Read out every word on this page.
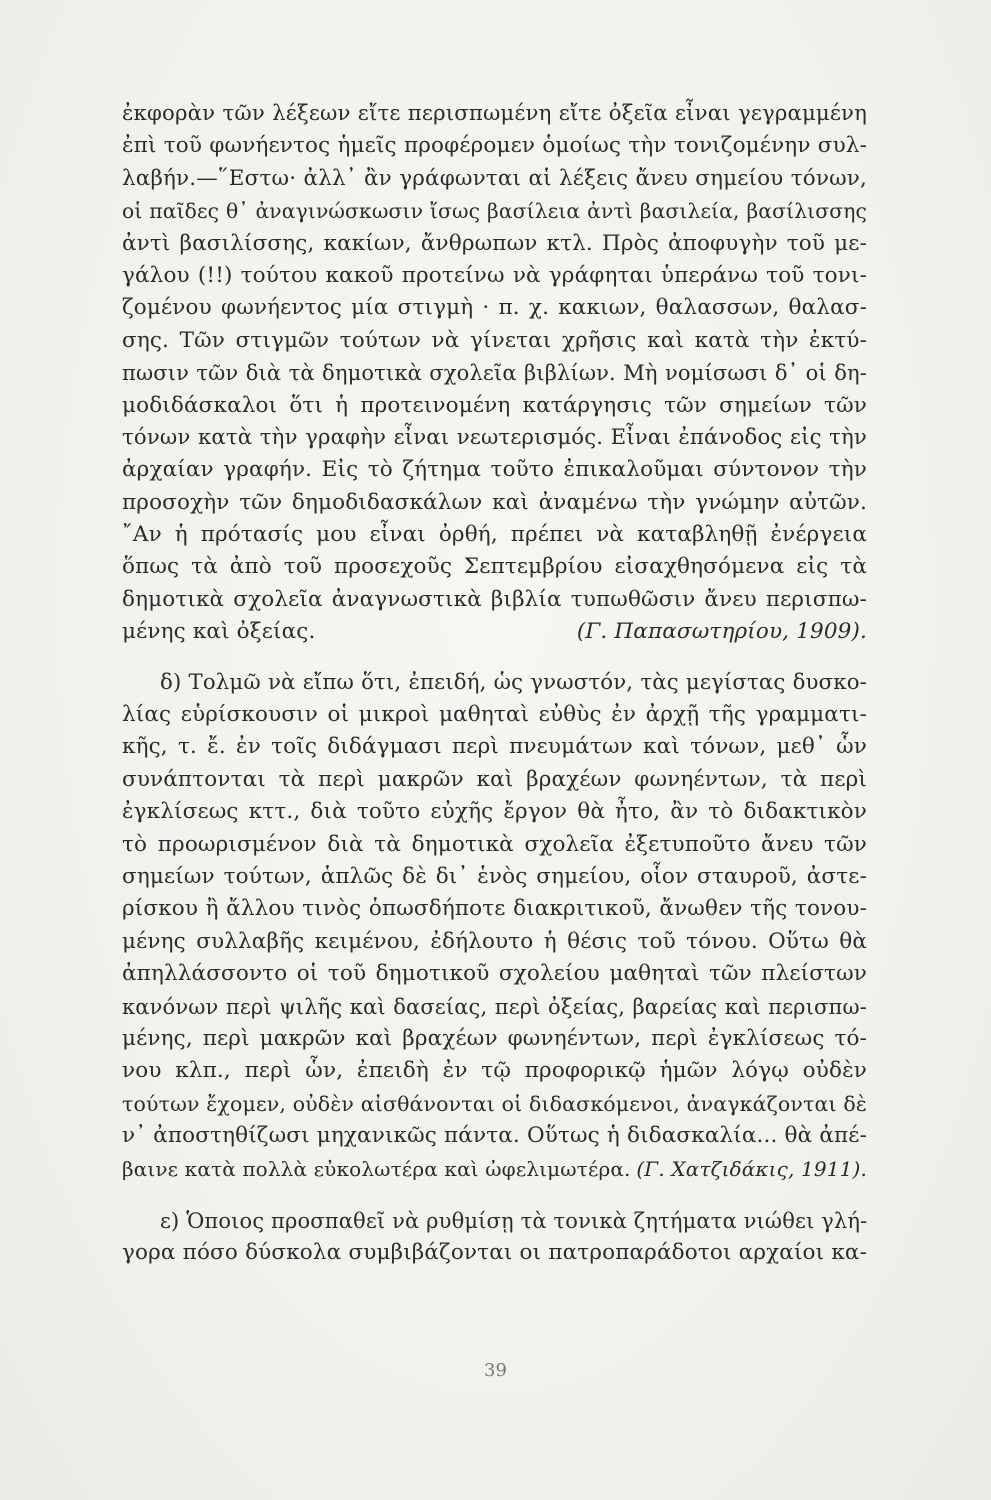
ἐκφορὰν τῶν λέξεων εἴτε περισπωμένη εἴτε ὀξεῖα εἶναι γεγραμμένη
ἐπὶ τοῦ φωνήεντος ἡμεῖς προφέρομεν ὁμοίως τὴν τονιζομένην συλ-
λαβήν.—῞Εστω· ἀλλ᾽ ἂν γράφωνται αἱ λέξεις ἄνευ σημείου τόνων,
οἱ παῖδες θ᾽ ἀναγινώσκωσιν ἴσως βασίλεια ἀντὶ βασιλεία, βασίλισσης
ἀντὶ βασιλίσσης, κακίων, ἄνθρωπων κτλ. Πρὸς ἀποφυγὴν τοῦ με-
γάλου (!!) τούτου κακοῦ προτείνω νὰ γράφηται ὑπεράνω τοῦ τονι-
ζομένου φωνήεντος μία στιγμὴ · π. χ. κακιων, θαλασσων, θαλασ-
σης. Τῶν στιγμῶν τούτων νὰ γίνεται χρῆσις καὶ κατὰ τὴν ἐκτύ-
πωσιν τῶν διὰ τὰ δημοτικὰ σχολεῖα βιβλίων. Μὴ νομίσωσι δ᾽ οἱ δη-
μοδιδάσκαλοι ὅτι ἡ προτεινομένη κατάργησις τῶν σημείων τῶν
τόνων κατὰ τὴν γραφὴν εἶναι νεωτερισμός. Εἶναι ἐπάνοδος εἰς τὴν
ἀρχαίαν γραφήν. Εἰς τὸ ζήτημα τοῦτο ἐπικαλοῦμαι σύντονον τὴν
προσοχὴν τῶν δημοδιδασκάλων καὶ ἀναμένω τὴν γνώμην αὐτῶν.
῎Αν ἡ πρότασίς μου εἶναι ὀρθή, πρέπει νὰ καταβληθῇ ἐνέργεια
ὅπως τὰ ἀπὸ τοῦ προσεχοῦς Σεπτεμβρίου εἰσαχθησόμενα εἰς τὰ
δημοτικὰ σχολεῖα ἀναγνωστικὰ βιβλία τυπωθῶσιν ἄνευ περισπω-
μένης καὶ ὀξείας.	(Γ. Παπασωτηρίου, 1909).
δ) Τολμῶ νὰ εἴπω ὅτι, ἐπειδή, ὡς γνωστόν, τὰς μεγίστας δυσκο-
λίας εὑρίσκουσιν οἱ μικροὶ μαθηταὶ εὐθὺς ἐν ἀρχῇ τῆς γραμματι-
κῆς, τ. ἔ. ἐν τοῖς διδάγμασι περὶ πνευμάτων καὶ τόνων, μεθ᾽ ὧν
συνάπτονται τὰ περὶ μακρῶν καὶ βραχέων φωνηέντων, τὰ περὶ
ἐγκλίσεως κττ., διὰ τοῦτο εὐχῆς ἔργον θὰ ἦτο, ἂν τὸ διδακτικὸν
τὸ προωρισμένον διὰ τὰ δημοτικὰ σχολεῖα ἐξετυποῦτο ἄνευ τῶν
σημείων τούτων, ἁπλῶς δὲ δι᾽ ἑνὸς σημείου, οἷον σταυροῦ, ἀστε-
ρίσκου ἢ ἄλλου τινὸς ὁπωσδήποτε διακριτικοῦ, ἄνωθεν τῆς τονου-
μένης συλλαβῆς κειμένου, ἐδήλουτο ἡ θέσις τοῦ τόνου. Οὕτω θὰ
ἀπηλλάσσοντο οἱ τοῦ δημοτικοῦ σχολείου μαθηταὶ τῶν πλείστων
κανόνων περὶ ψιλῆς καὶ δασείας, περὶ ὀξείας, βαρείας καὶ περισπω-
μένης, περὶ μακρῶν καὶ βραχέων φωνηέντων, περὶ ἐγκλίσεως τό-
νου κλπ., περὶ ὧν, ἐπειδὴ ἐν τῷ προφορικῷ ἡμῶν λόγῳ οὐδὲν
τούτων ἔχομεν, οὐδὲν αἰσθάνονται οἱ διδασκόμενοι, ἀναγκάζονται δὲ
ν᾽ ἀποστηθίζωσι μηχανικῶς πάντα. Οὕτως ἡ διδασκαλία... θὰ ἀπέ-
βαινε κατὰ πολλὰ εὐκολωτέρα καὶ ὠφελιμωτέρα. (Γ. Χατζιδάκις, 1911).
ε) Ὁποιος προσπαθεῖ νὰ ρυθμίσῃ τὰ τονικὰ ζητήματα νιώθει γλή-
γορα πόσο δύσκολα συμβιβάζονται οι πατροπαράδοτοι αρχαίοι κα-
39
